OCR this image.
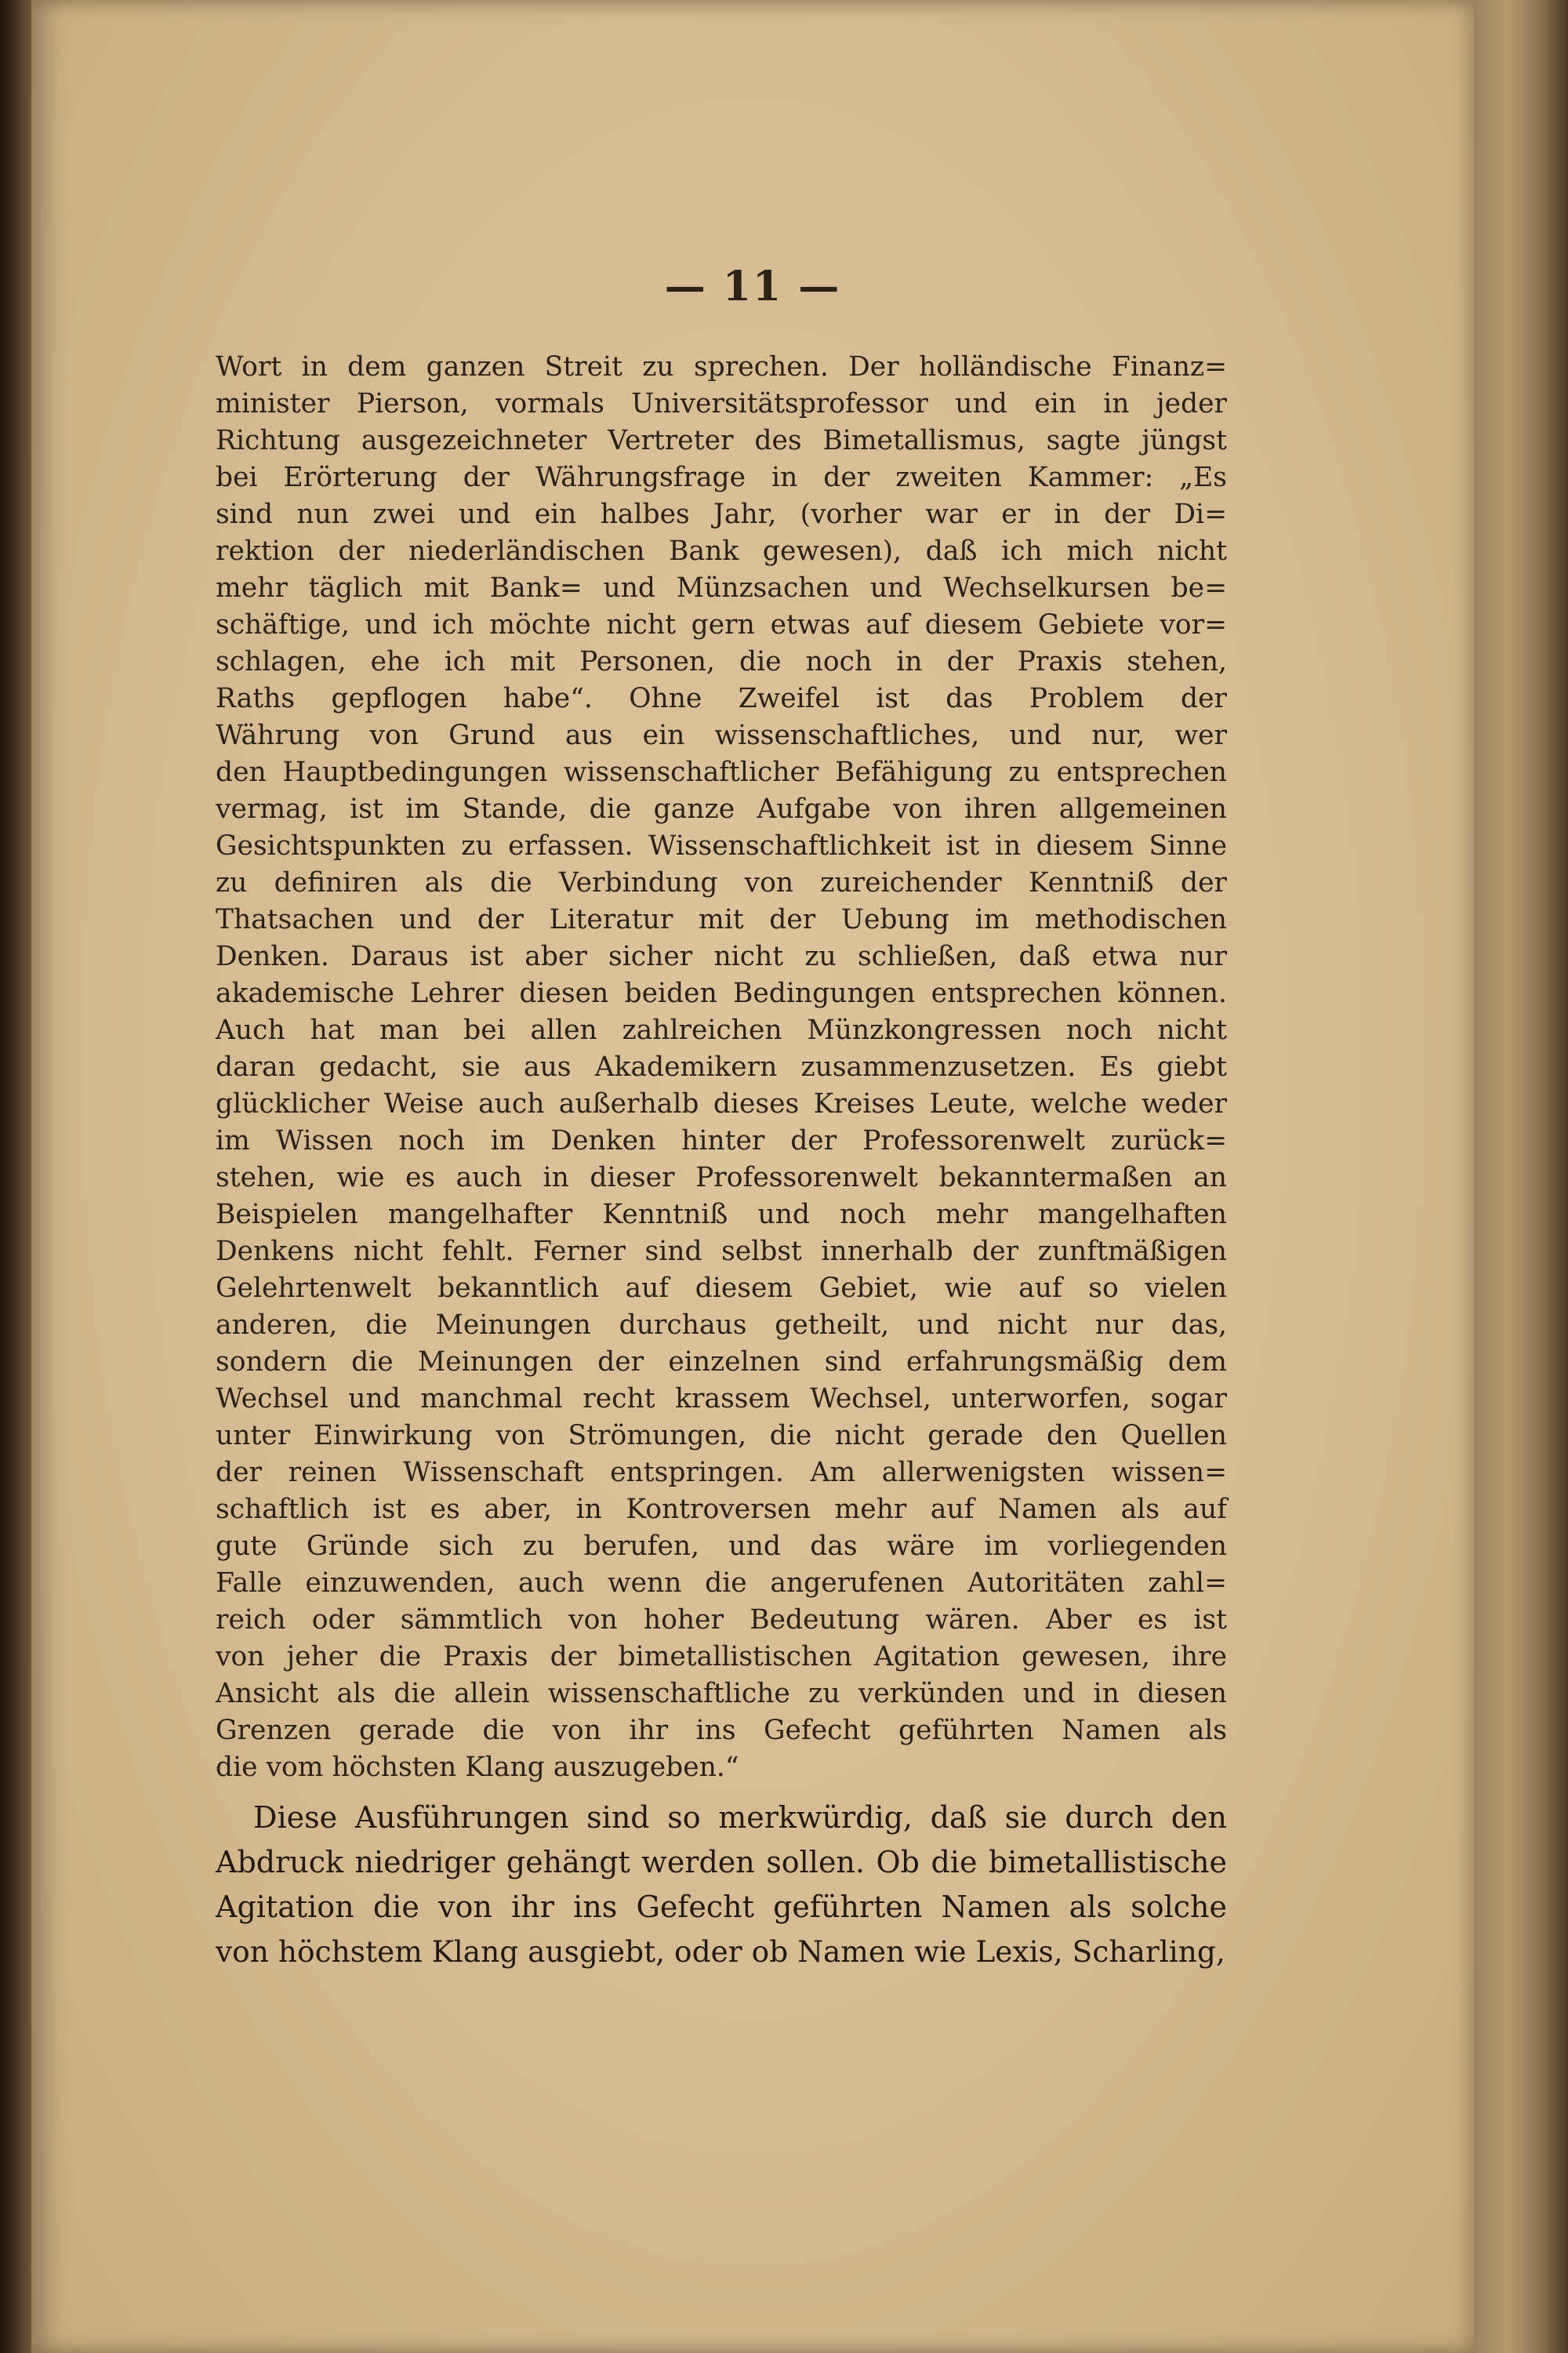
— 11 —
Wort in dem ganzen Streit zu sprechen. Der holländische Finanz=
minister Pierson, vormals Universitätsprofessor und ein in jeder
Richtung ausgezeichneter Vertreter des Bimetallismus, sagte jüngst
bei Erörterung der Währungsfrage in der zweiten Kammer: „Es
sind nun zwei und ein halbes Jahr, (vorher war er in der Di=
rektion der niederländischen Bank gewesen), daß ich mich nicht
mehr täglich mit Bank= und Münzsachen und Wechselkursen be=
schäftige, und ich möchte nicht gern etwas auf diesem Gebiete vor=
schlagen, ehe ich mit Personen, die noch in der Praxis stehen,
Raths gepflogen habe“. Ohne Zweifel ist das Problem der
Währung von Grund aus ein wissenschaftliches, und nur, wer
den Hauptbedingungen wissenschaftlicher Befähigung zu entsprechen
vermag, ist im Stande, die ganze Aufgabe von ihren allgemeinen
Gesichtspunkten zu erfassen. Wissenschaftlichkeit ist in diesem Sinne
zu definiren als die Verbindung von zureichender Kenntniß der
Thatsachen und der Literatur mit der Uebung im methodischen
Denken. Daraus ist aber sicher nicht zu schließen, daß etwa nur
akademische Lehrer diesen beiden Bedingungen entsprechen können.
Auch hat man bei allen zahlreichen Münzkongressen noch nicht
daran gedacht, sie aus Akademikern zusammenzusetzen. Es giebt
glücklicher Weise auch außerhalb dieses Kreises Leute, welche weder
im Wissen noch im Denken hinter der Professorenwelt zurück=
stehen, wie es auch in dieser Professorenwelt bekanntermaßen an
Beispielen mangelhafter Kenntniß und noch mehr mangelhaften
Denkens nicht fehlt. Ferner sind selbst innerhalb der zunftmäßigen
Gelehrtenwelt bekanntlich auf diesem Gebiet, wie auf so vielen
anderen, die Meinungen durchaus getheilt, und nicht nur das,
sondern die Meinungen der einzelnen sind erfahrungsmäßig dem
Wechsel und manchmal recht krassem Wechsel, unterworfen, sogar
unter Einwirkung von Strömungen, die nicht gerade den Quellen
der reinen Wissenschaft entspringen. Am allerwenigsten wissen=
schaftlich ist es aber, in Kontroversen mehr auf Namen als auf
gute Gründe sich zu berufen, und das wäre im vorliegenden
Falle einzuwenden, auch wenn die angerufenen Autoritäten zahl=
reich oder sämmtlich von hoher Bedeutung wären. Aber es ist
von jeher die Praxis der bimetallistischen Agitation gewesen, ihre
Ansicht als die allein wissenschaftliche zu verkünden und in diesen
Grenzen gerade die von ihr ins Gefecht geführten Namen als
die vom höchsten Klang auszugeben.“
Diese Ausführungen sind so merkwürdig, daß sie durch den
Abdruck niedriger gehängt werden sollen. Ob die bimetallistische
Agitation die von ihr ins Gefecht geführten Namen als solche
von höchstem Klang ausgiebt, oder ob Namen wie Lexis, Scharling,
